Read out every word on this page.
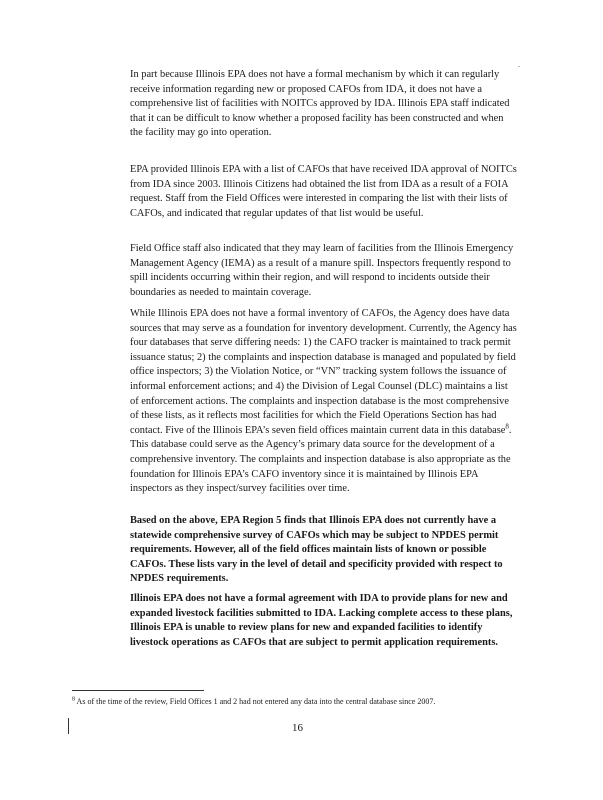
.

In part because Illinois EPA does not have a formal mechanism by which it can regularly receive information regarding new or proposed CAFOs from IDA, it does not have a comprehensive list of facilities with NOITCs approved by IDA. Illinois EPA staff indicated that it can be difficult to know whether a proposed facility has been constructed and when the facility may go into operation.

EPA provided Illinois EPA with a list of CAFOs that have received IDA approval of NOITCs from IDA since 2003. Illinois Citizens had obtained the list from IDA as a result of a FOIA request. Staff from the Field Offices were interested in comparing the list with their lists of CAFOs, and indicated that regular updates of that list would be useful.

Field Office staff also indicated that they may learn of facilities from the Illinois Emergency Management Agency (IEMA) as a result of a manure spill. Inspectors frequently respond to spill incidents occurring within their region, and will respond to incidents outside their boundaries as needed to maintain coverage.

While Illinois EPA does not have a formal inventory of CAFOs, the Agency does have data sources that may serve as a foundation for inventory development. Currently, the Agency has four databases that serve differing needs: 1) the CAFO tracker is maintained to track permit issuance status; 2) the complaints and inspection database is managed and populated by field office inspectors; 3) the Violation Notice, or “VN” tracking system follows the issuance of informal enforcement actions; and 4) the Division of Legal Counsel (DLC) maintains a list of enforcement actions. The complaints and inspection database is the most comprehensive of these lists, as it reflects most facilities for which the Field Operations Section has had contact. Five of the Illinois EPA’s seven field offices maintain current data in this database$^8$. This database could serve as the Agency’s primary data source for the development of a comprehensive inventory. The complaints and inspection database is also appropriate as the foundation for Illinois EPA’s CAFO inventory since it is maintained by Illinois EPA inspectors as they inspect/survey facilities over time.

Based on the above, EPA Region 5 finds that Illinois EPA does not currently have a statewide comprehensive survey of CAFOs which may be subject to NPDES permit requirements. However, all of the field offices maintain lists of known or possible CAFOs. These lists vary in the level of detail and specificity provided with respect to NPDES requirements.

Illinois EPA does not have a formal agreement with IDA to provide plans for new and expanded livestock facilities submitted to IDA. Lacking complete access to these plans, Illinois EPA is unable to review plans for new and expanded facilities to identify livestock operations as CAFOs that are subject to permit application requirements.

$^8$ As of the time of the review, Field Offices 1 and 2 had not entered any data into the central database since 2007.

16
